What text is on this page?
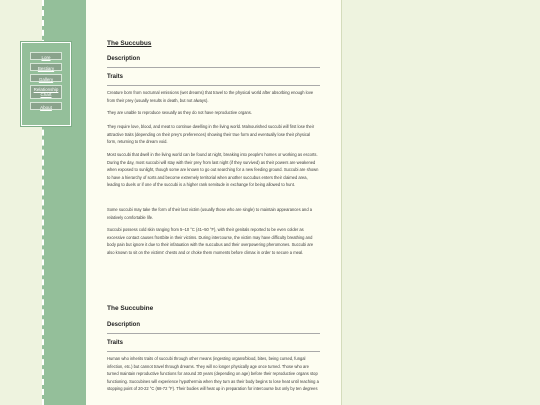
Lore
Bestiary
Gallery
Relationship Chart
About
The Succubus
Description
Traits

Creature born from nocturnal emissions (wet dreams) that travel to the physical world after absorbing enough love from their prey (usually results in death, but not always).

They are unable to reproduce sexually as they do not have reproductive organs.

They require love, blood, and meat to continue dwelling in the living world. Malnourished succubi will first lose their attractive traits (depending on their prey's preferences) showing their true form and eventually lose their physical form, returning to the dream void.

Most succubi that dwell in the living world can be found at night, breaking into people's homes or working as escorts. During the day, most succubi will stay with their prey from last night (if they survived) as their powers are weakened when exposed to sunlight, though some are known to go out searching for a new feeding ground. Succubi are shown to have a hierarchy of sorts and become extremely territorial when another succubus enters their claimed area, leading to duels or if one of the succubi is a higher rank servitude in exchange for being allowed to hunt.

Some succubi may take the form of their last victim (usually those who are single) to maintain appearances and a relatively comfortable life.

Succubi possess cold skin ranging from 5–10 °C (41–50 °F), with their genitals reported to be even colder as excessive contact causes frostbite in their victims. During intercourse, the victim may have difficulty breathing and body pain but ignore it due to their infatuation with the succubus and their overpowering pheromones. Succubi are also known to sit on the victims' chests and or choke them moments before climax in order to secure a meal.

The Succubine
Description
Traits

Human who inherits traits of succubi through other means (ingesting organs/blood, bites, being cursed, fungal infection, etc.) but cannot travel through dreams. They will no longer physically age once turned. Those who are turned maintain reproductive functions for around 30 years (depending on age) before their reproductive organs stop functioning. Succubines will experience hypothermia when they turn as their body begins to lose heat until reaching a stopping point of 20-22 °C (68-72 °F). Their bodies will heat up in preparation for intercourse but only by ten degrees
